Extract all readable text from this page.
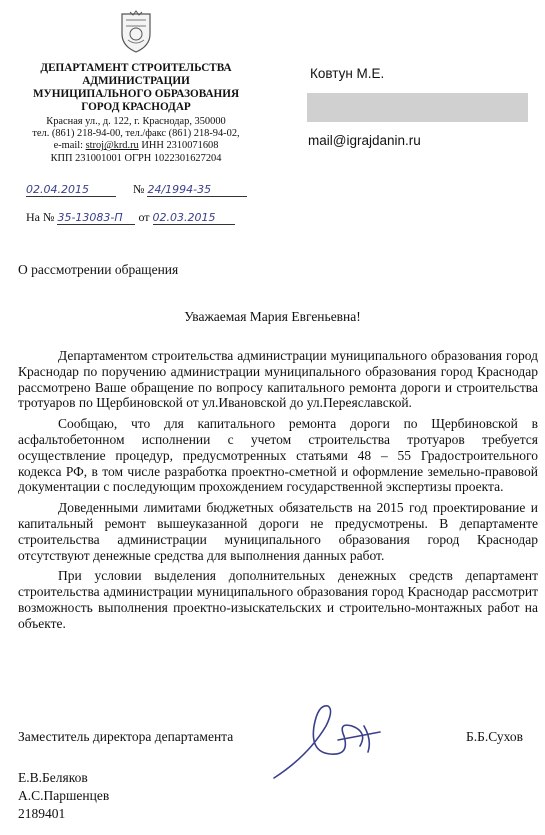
ДЕПАРТАМЕНТ СТРОИТЕЛЬСТВА
АДМИНИСТРАЦИИ
МУНИЦИПАЛЬНОГО ОБРАЗОВАНИЯ
ГОРОД КРАСНОДАР
Красная ул., д. 122, г. Краснодар, 350000
тел. (861) 218-94-00, тел./факс (861) 218-94-02,
e-mail: stroj@krd.ru ИНН 2310071608
КПП 231001001 ОГРН 1022301627204
02.04.2015	№ 24/1994-35
На № 35-13083-П от 02.03.2015
Ковтун М.Е.
mail@igrajdanin.ru
О рассмотрении обращения
Уважаемая Мария Евгеньевна!

Департаментом строительства администрации муниципального образования город Краснодар по поручению администрации муниципального образования город Краснодар рассмотрено Ваше обращение по вопросу капитального ремонта дороги и строительства тротуаров по Щербиновской от ул.Ивановской до ул.Переяславской.

Сообщаю, что для капитального ремонта дороги по Щербиновской в асфальтобетонном исполнении с учетом строительства тротуаров требуется осуществление процедур, предусмотренных статьями 48 – 55 Градостроительного кодекса РФ, в том числе разработка проектно-сметной и оформление земельно-правовой документации с последующим прохождением государственной экспертизы проекта.

Доведенными лимитами бюджетных обязательств на 2015 год проектирование и капитальный ремонт вышеуказанной дороги не предусмотрены. В департаменте строительства администрации муниципального образования город Краснодар отсутствуют денежные средства для выполнения данных работ.

При условии выделения дополнительных денежных средств департамент строительства администрации муниципального образования город Краснодар рассмотрит возможность выполнения проектно-изыскательских и строительно-монтажных работ на объекте.

Заместитель директора департамента	Б.Б.Сухов
Е.В.Беляков
А.С.Паршенцев
2189401
